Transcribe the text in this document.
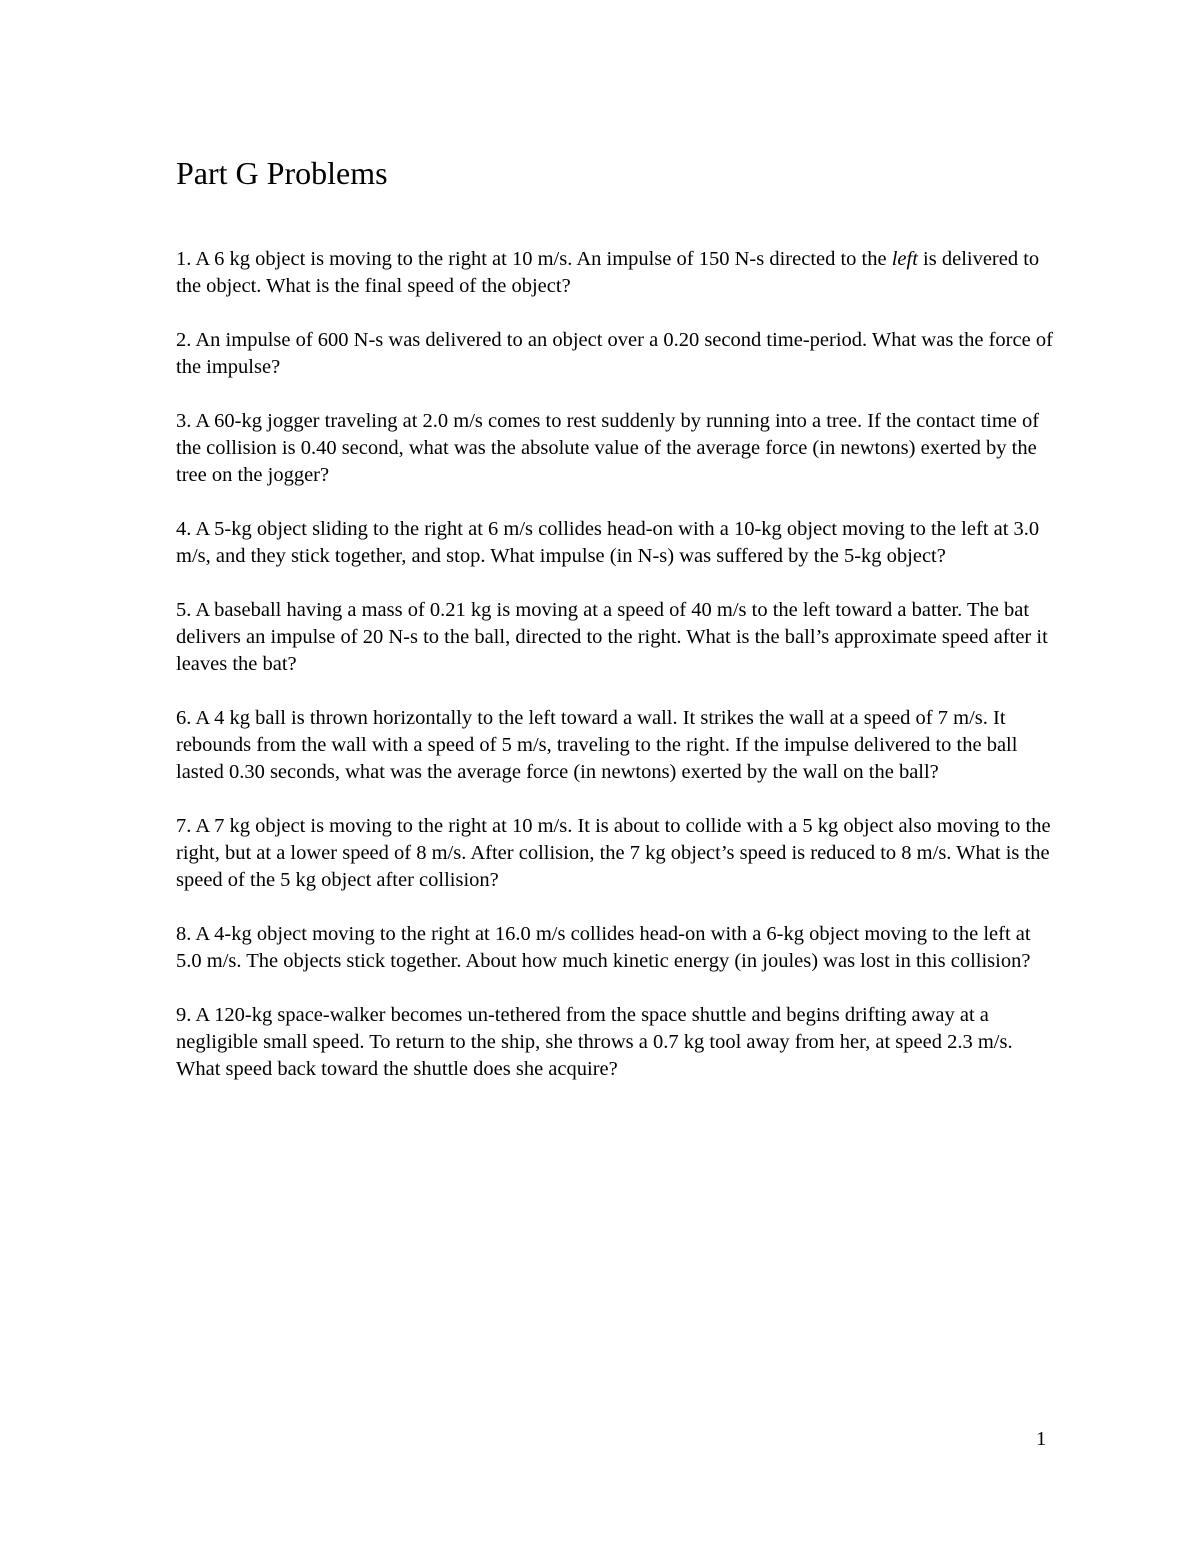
Part G Problems
1. A 6 kg object is moving to the right at 10 m/s. An impulse of 150 N-s directed to the left is delivered to the object. What is the final speed of the object?
2. An impulse of 600 N-s was delivered to an object over a 0.20 second time-period. What was the force of the impulse?
3. A 60-kg jogger traveling at 2.0 m/s comes to rest suddenly by running into a tree. If the contact time of the collision is 0.40 second, what was the absolute value of the average force (in newtons) exerted by the tree on the jogger?
4. A 5-kg object sliding to the right at 6 m/s collides head-on with a 10-kg object moving to the left at 3.0 m/s, and they stick together, and stop. What impulse (in N-s) was suffered by the 5-kg object?
5. A baseball having a mass of 0.21 kg is moving at a speed of 40 m/s to the left toward a batter. The bat delivers an impulse of 20 N-s to the ball, directed to the right. What is the ball’s approximate speed after it leaves the bat?
6. A 4 kg ball is thrown horizontally to the left toward a wall. It strikes the wall at a speed of 7 m/s. It rebounds from the wall with a speed of 5 m/s, traveling to the right. If the impulse delivered to the ball lasted 0.30 seconds, what was the average force (in newtons) exerted by the wall on the ball?
7. A 7 kg object is moving to the right at 10 m/s. It is about to collide with a 5 kg object also moving to the right, but at a lower speed of 8 m/s. After collision, the 7 kg object’s speed is reduced to 8 m/s. What is the speed of the 5 kg object after collision?
8. A 4-kg object moving to the right at 16.0 m/s collides head-on with a 6-kg object moving to the left at 5.0 m/s. The objects stick together. About how much kinetic energy (in joules) was lost in this collision?
9. A 120-kg space-walker becomes un-tethered from the space shuttle and begins drifting away at a negligible small speed. To return to the ship, she throws a 0.7 kg tool away from her, at speed 2.3 m/s. What speed back toward the shuttle does she acquire?
1
